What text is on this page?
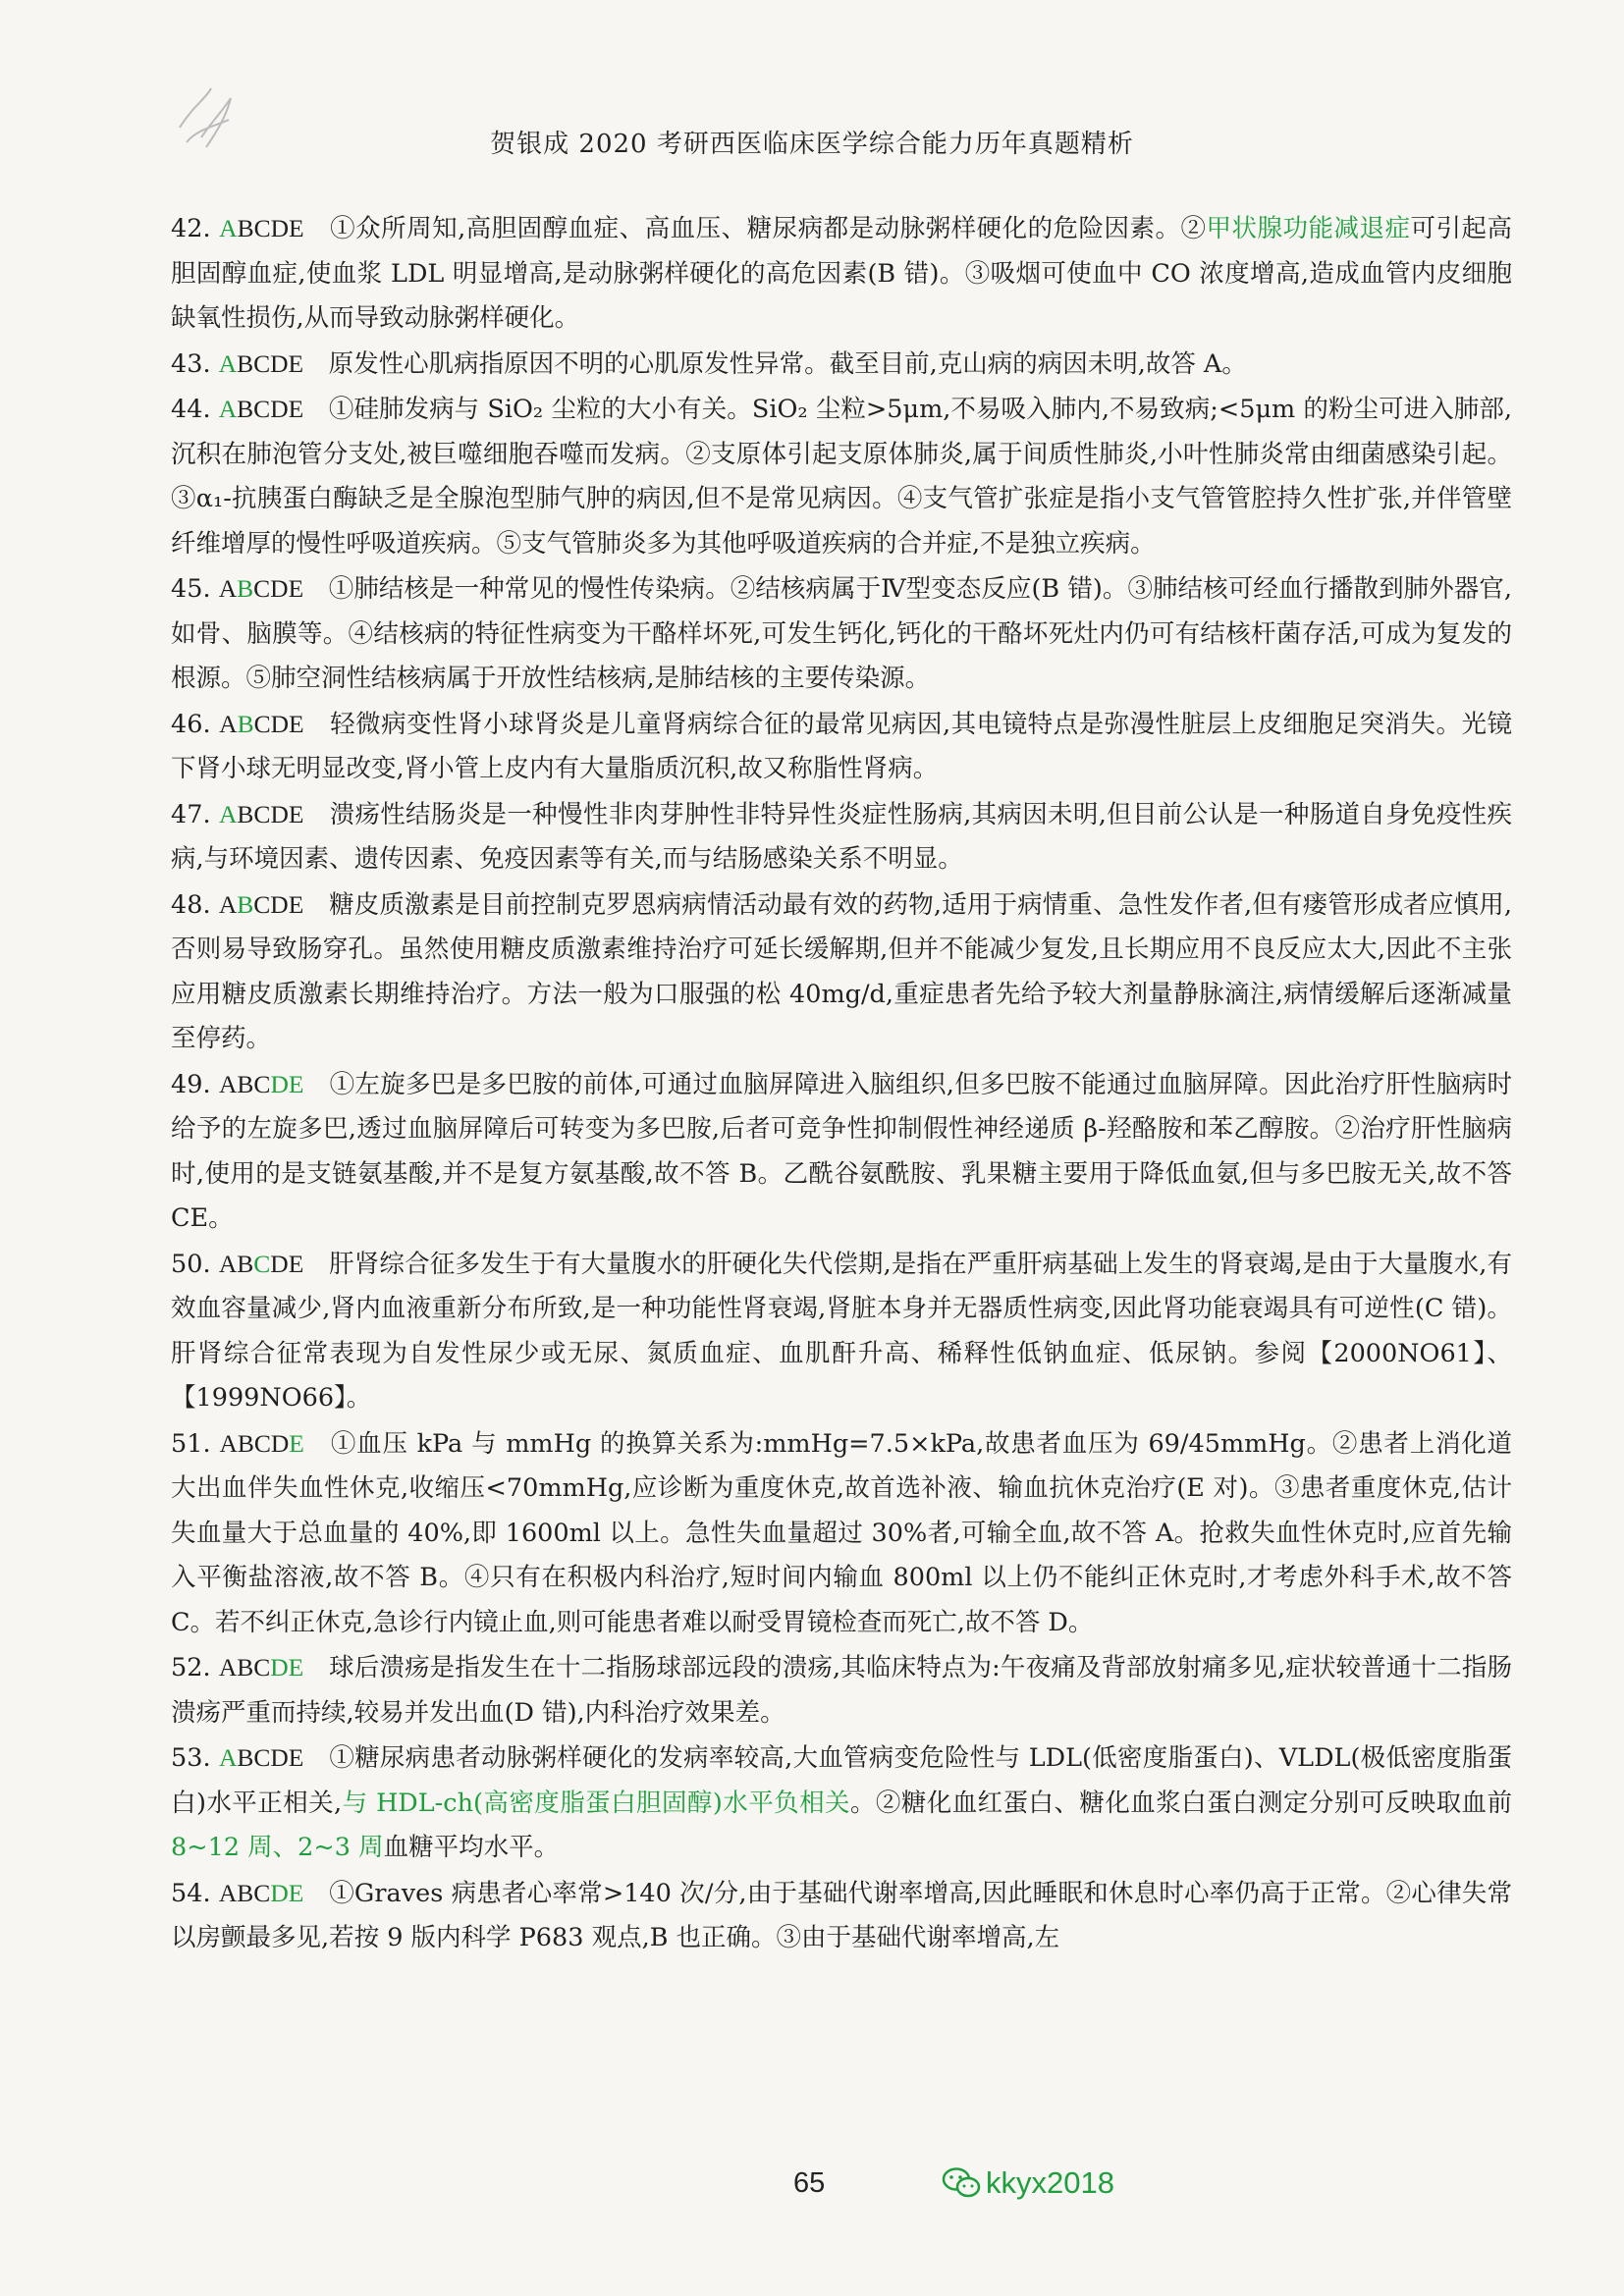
贺银成 2020 考研西医临床医学综合能力历年真题精析

42. ABCDE　①众所周知,高胆固醇血症、高血压、糖尿病都是动脉粥样硬化的危险因素。②甲状腺功能减退症可引起高胆固醇血症,使血浆 LDL 明显增高,是动脉粥样硬化的高危因素(B 错)。③吸烟可使血中 CO 浓度增高,造成血管内皮细胞缺氧性损伤,从而导致动脉粥样硬化。

43. ABCDE　原发性心肌病指原因不明的心肌原发性异常。截至目前,克山病的病因未明,故答 A。

44. ABCDE　①硅肺发病与 SiO₂ 尘粒的大小有关。SiO₂ 尘粒>5μm,不易吸入肺内,不易致病;<5μm 的粉尘可进入肺部,沉积在肺泡管分支处,被巨噬细胞吞噬而发病。②支原体引起支原体肺炎,属于间质性肺炎,小叶性肺炎常由细菌感染引起。③α₁-抗胰蛋白酶缺乏是全腺泡型肺气肿的病因,但不是常见病因。④支气管扩张症是指小支气管管腔持久性扩张,并伴管壁纤维增厚的慢性呼吸道疾病。⑤支气管肺炎多为其他呼吸道疾病的合并症,不是独立疾病。

45. ABCDE　①肺结核是一种常见的慢性传染病。②结核病属于Ⅳ型变态反应(B 错)。③肺结核可经血行播散到肺外器官,如骨、脑膜等。④结核病的特征性病变为干酪样坏死,可发生钙化,钙化的干酪坏死灶内仍可有结核杆菌存活,可成为复发的根源。⑤肺空洞性结核病属于开放性结核病,是肺结核的主要传染源。

46. ABCDE　轻微病变性肾小球肾炎是儿童肾病综合征的最常见病因,其电镜特点是弥漫性脏层上皮细胞足突消失。光镜下肾小球无明显改变,肾小管上皮内有大量脂质沉积,故又称脂性肾病。

47. ABCDE　溃疡性结肠炎是一种慢性非肉芽肿性非特异性炎症性肠病,其病因未明,但目前公认是一种肠道自身免疫性疾病,与环境因素、遗传因素、免疫因素等有关,而与结肠感染关系不明显。

48. ABCDE　糖皮质激素是目前控制克罗恩病病情活动最有效的药物,适用于病情重、急性发作者,但有瘘管形成者应慎用,否则易导致肠穿孔。虽然使用糖皮质激素维持治疗可延长缓解期,但并不能减少复发,且长期应用不良反应太大,因此不主张应用糖皮质激素长期维持治疗。方法一般为口服强的松 40mg/d,重症患者先给予较大剂量静脉滴注,病情缓解后逐渐减量至停药。

49. ABCDE　①左旋多巴是多巴胺的前体,可通过血脑屏障进入脑组织,但多巴胺不能通过血脑屏障。因此治疗肝性脑病时给予的左旋多巴,透过血脑屏障后可转变为多巴胺,后者可竞争性抑制假性神经递质 β-羟酪胺和苯乙醇胺。②治疗肝性脑病时,使用的是支链氨基酸,并不是复方氨基酸,故不答 B。乙酰谷氨酰胺、乳果糖主要用于降低血氨,但与多巴胺无关,故不答 CE。

50. ABCDE　肝肾综合征多发生于有大量腹水的肝硬化失代偿期,是指在严重肝病基础上发生的肾衰竭,是由于大量腹水,有效血容量减少,肾内血液重新分布所致,是一种功能性肾衰竭,肾脏本身并无器质性病变,因此肾功能衰竭具有可逆性(C 错)。肝肾综合征常表现为自发性尿少或无尿、氮质血症、血肌酐升高、稀释性低钠血症、低尿钠。参阅【2000NO61】、【1999NO66】。

51. ABCDE　①血压 kPa 与 mmHg 的换算关系为:mmHg=7.5×kPa,故患者血压为 69/45mmHg。②患者上消化道大出血伴失血性休克,收缩压<70mmHg,应诊断为重度休克,故首选补液、输血抗休克治疗(E 对)。③患者重度休克,估计失血量大于总血量的 40%,即 1600ml 以上。急性失血量超过 30%者,可输全血,故不答 A。抢救失血性休克时,应首先输入平衡盐溶液,故不答 B。④只有在积极内科治疗,短时间内输血 800ml 以上仍不能纠正休克时,才考虑外科手术,故不答 C。若不纠正休克,急诊行内镜止血,则可能患者难以耐受胃镜检查而死亡,故不答 D。

52. ABCDE　球后溃疡是指发生在十二指肠球部远段的溃疡,其临床特点为:午夜痛及背部放射痛多见,症状较普通十二指肠溃疡严重而持续,较易并发出血(D 错),内科治疗效果差。

53. ABCDE　①糖尿病患者动脉粥样硬化的发病率较高,大血管病变危险性与 LDL(低密度脂蛋白)、VLDL(极低密度脂蛋白)水平正相关,与 HDL-ch(高密度脂蛋白胆固醇)水平负相关。②糖化血红蛋白、糖化血浆白蛋白测定分别可反映取血前 8~12 周、2~3 周血糖平均水平。

54. ABCDE　①Graves 病患者心率常>140 次/分,由于基础代谢率增高,因此睡眠和休息时心率仍高于正常。②心律失常以房颤最多见,若按 9 版内科学 P683 观点,B 也正确。③由于基础代谢率增高,左

65	kkyx2018
